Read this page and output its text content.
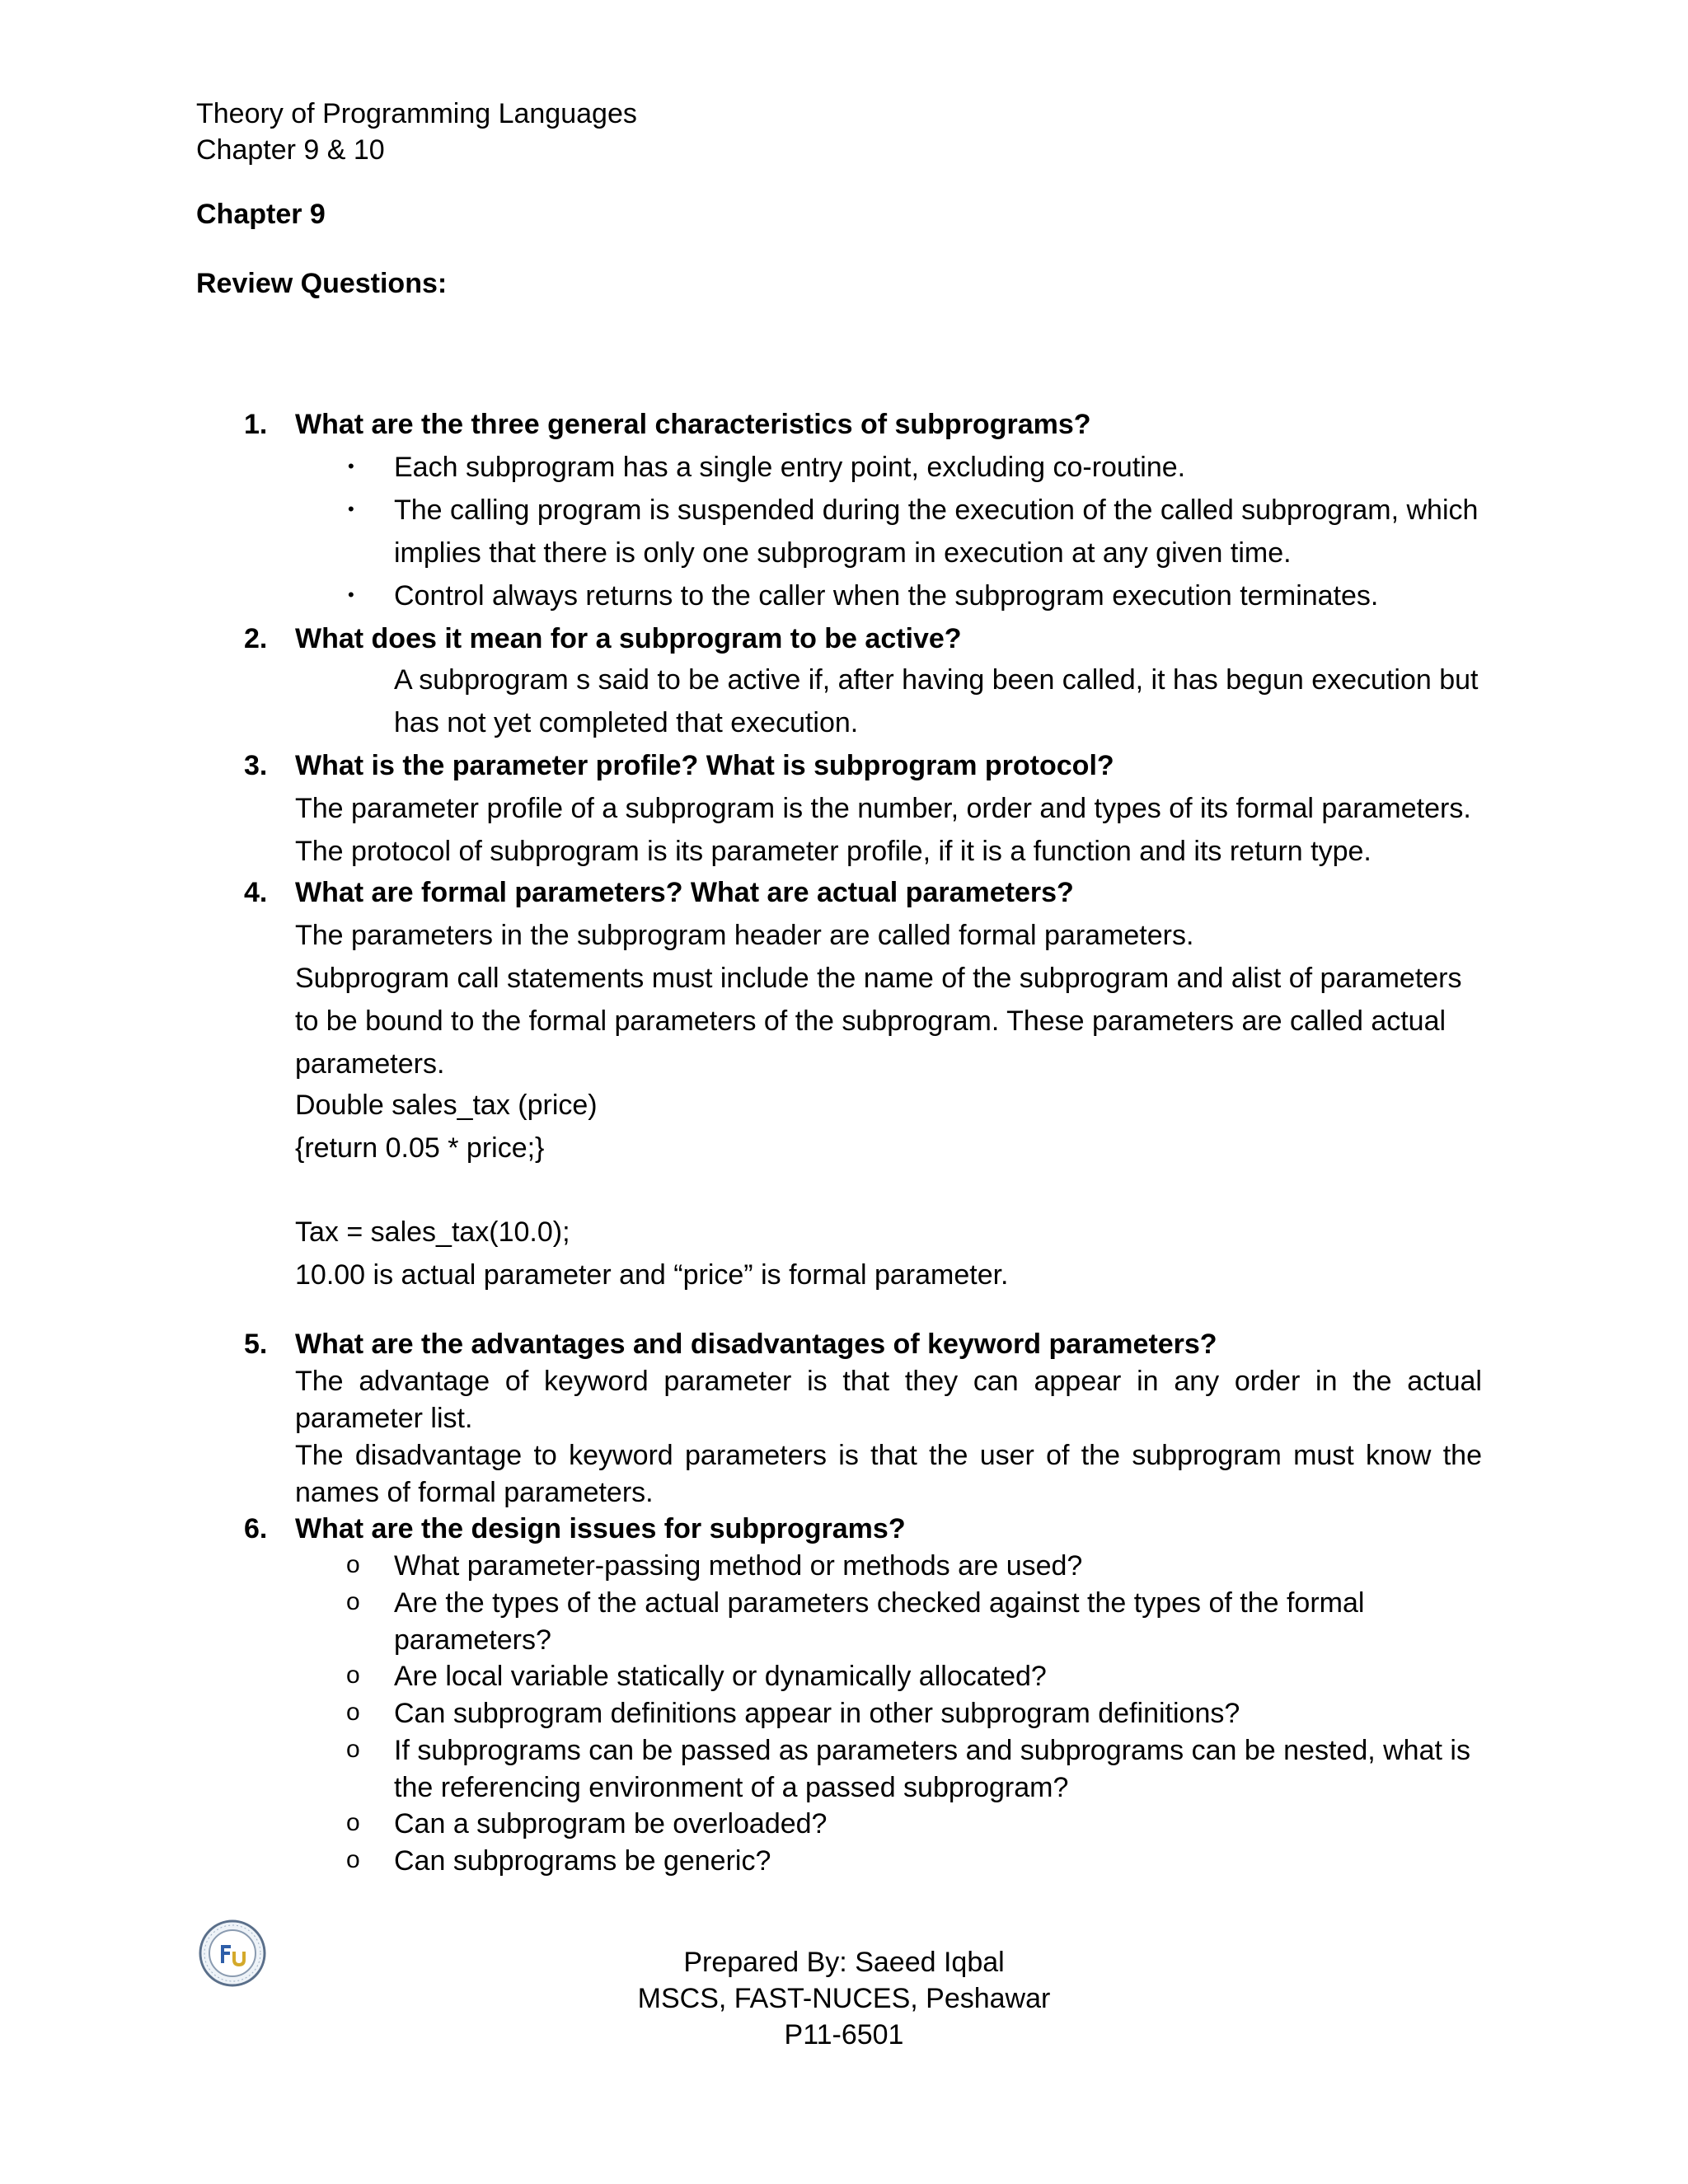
Theory of Programming Languages
Chapter 9 & 10
Chapter 9
Review Questions:
1. What are the three general characteristics of subprograms?
• Each subprogram has a single entry point, excluding co-routine.
• The calling program is suspended during the execution of the called subprogram, which
implies that there is only one subprogram in execution at any given time.
• Control always returns to the caller when the subprogram execution terminates.
2. What does it mean for a subprogram to be active?
A subprogram s said to be active if, after having been called, it has begun execution but
has not yet completed that execution.
3. What is the parameter profile? What is subprogram protocol?
The parameter profile of a subprogram is the number, order and types of its formal parameters.
The protocol of subprogram is its parameter profile, if it is a function and its return type.
4. What are formal parameters? What are actual parameters?
The parameters in the subprogram header are called formal parameters.
Subprogram call statements must include the name of the subprogram and alist of parameters
to be bound to the formal parameters of the subprogram. These parameters are called actual
parameters.
Double sales_tax (price)
{return 0.05 * price;}
Tax = sales_tax(10.0);
10.00 is actual parameter and “price” is formal parameter.
5. What are the advantages and disadvantages of keyword parameters?
The advantage of keyword parameter is that they can appear in any order in the actual
parameter list.
The disadvantage to keyword parameters is that the user of the subprogram must know the
names of formal parameters.
6. What are the design issues for subprograms?
o What parameter-passing method or methods are used?
o Are the types of the actual parameters checked against the types of the formal
parameters?
o Are local variable statically or dynamically allocated?
o Can subprogram definitions appear in other subprogram definitions?
o If subprograms can be passed as parameters and subprograms can be nested, what is
the referencing environment of a passed subprogram?
o Can a subprogram be overloaded?
o Can subprograms be generic?
Prepared By: Saeed Iqbal
MSCS, FAST-NUCES, Peshawar
P11-6501
